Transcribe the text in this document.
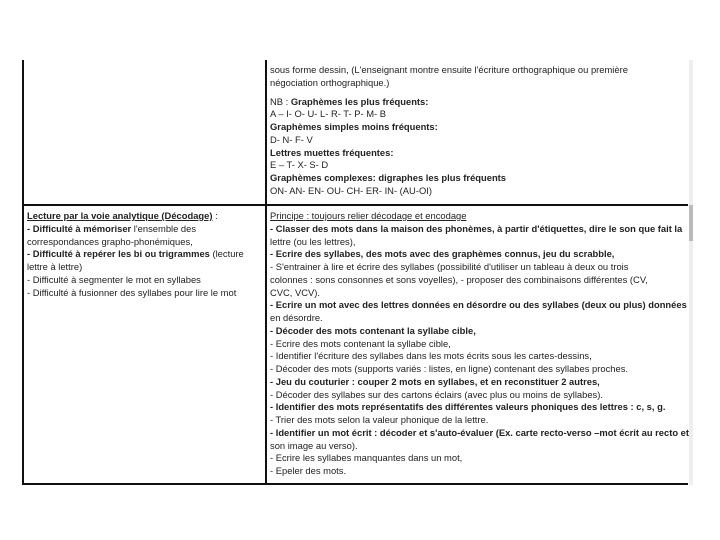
sous forme dessin, (L'enseignant montre ensuite l'écriture orthographique ou première
négociation orthographique.)
NB : Graphèmes les plus fréquents:
A – I- O- U- L- R- T- P- M- B
Graphèmes simples moins fréquents:
D- N- F- V
Lettres muettes fréquentes:
E – T- X- S- D
Graphèmes complexes: digraphes les plus fréquents
ON- AN- EN- OU- CH- ER- IN- (AU-OI)
Lecture par la voie analytique (Décodage) :
- Difficulté à mémoriser l'ensemble des
correspondances grapho-phonémiques,
- Difficulté à repérer les bi ou trigrammes (lecture
lettre à lettre)
- Difficulté à segmenter le mot en syllabes
- Difficulté à fusionner des syllabes pour lire le mot
Principe : toujours relier décodage et encodage
- Classer des mots dans la maison des phonèmes, à partir d'étiquettes, dire le son que fait la
lettre (ou les lettres),
- Ecrire des syllabes, des mots avec des graphèmes connus, jeu du scrabble,
- S'entrainer à lire et écrire des syllabes (possibilité d'utiliser un tableau à deux ou trois
colonnes : sons consonnes et sons voyelles), - proposer des combinaisons différentes (CV,
CVC, VCV).
- Ecrire un mot avec des lettres données en désordre ou des syllabes (deux ou plus) données
en désordre.
- Décoder des mots contenant la syllabe cible,
- Ecrire des mots contenant la syllabe cible,
- Identifier l'écriture des syllabes dans les mots écrits sous les cartes-dessins,
- Décoder des mots (supports variés : listes, en ligne) contenant des syllabes proches.
- Jeu du couturier : couper 2 mots en syllabes, et en reconstituer 2 autres,
- Décoder des syllabes sur des cartons éclairs (avec plus ou moins de syllabes).
- Identifier des mots représentatifs des différentes valeurs phoniques des lettres : c, s, g.
- Trier des mots selon la valeur phonique de la lettre.
- Identifier un mot écrit : décoder et s'auto-évaluer (Ex. carte recto-verso –mot écrit au recto et
son image au verso).
- Ecrire les syllabes manquantes dans un mot,
- Epeler des mots.
